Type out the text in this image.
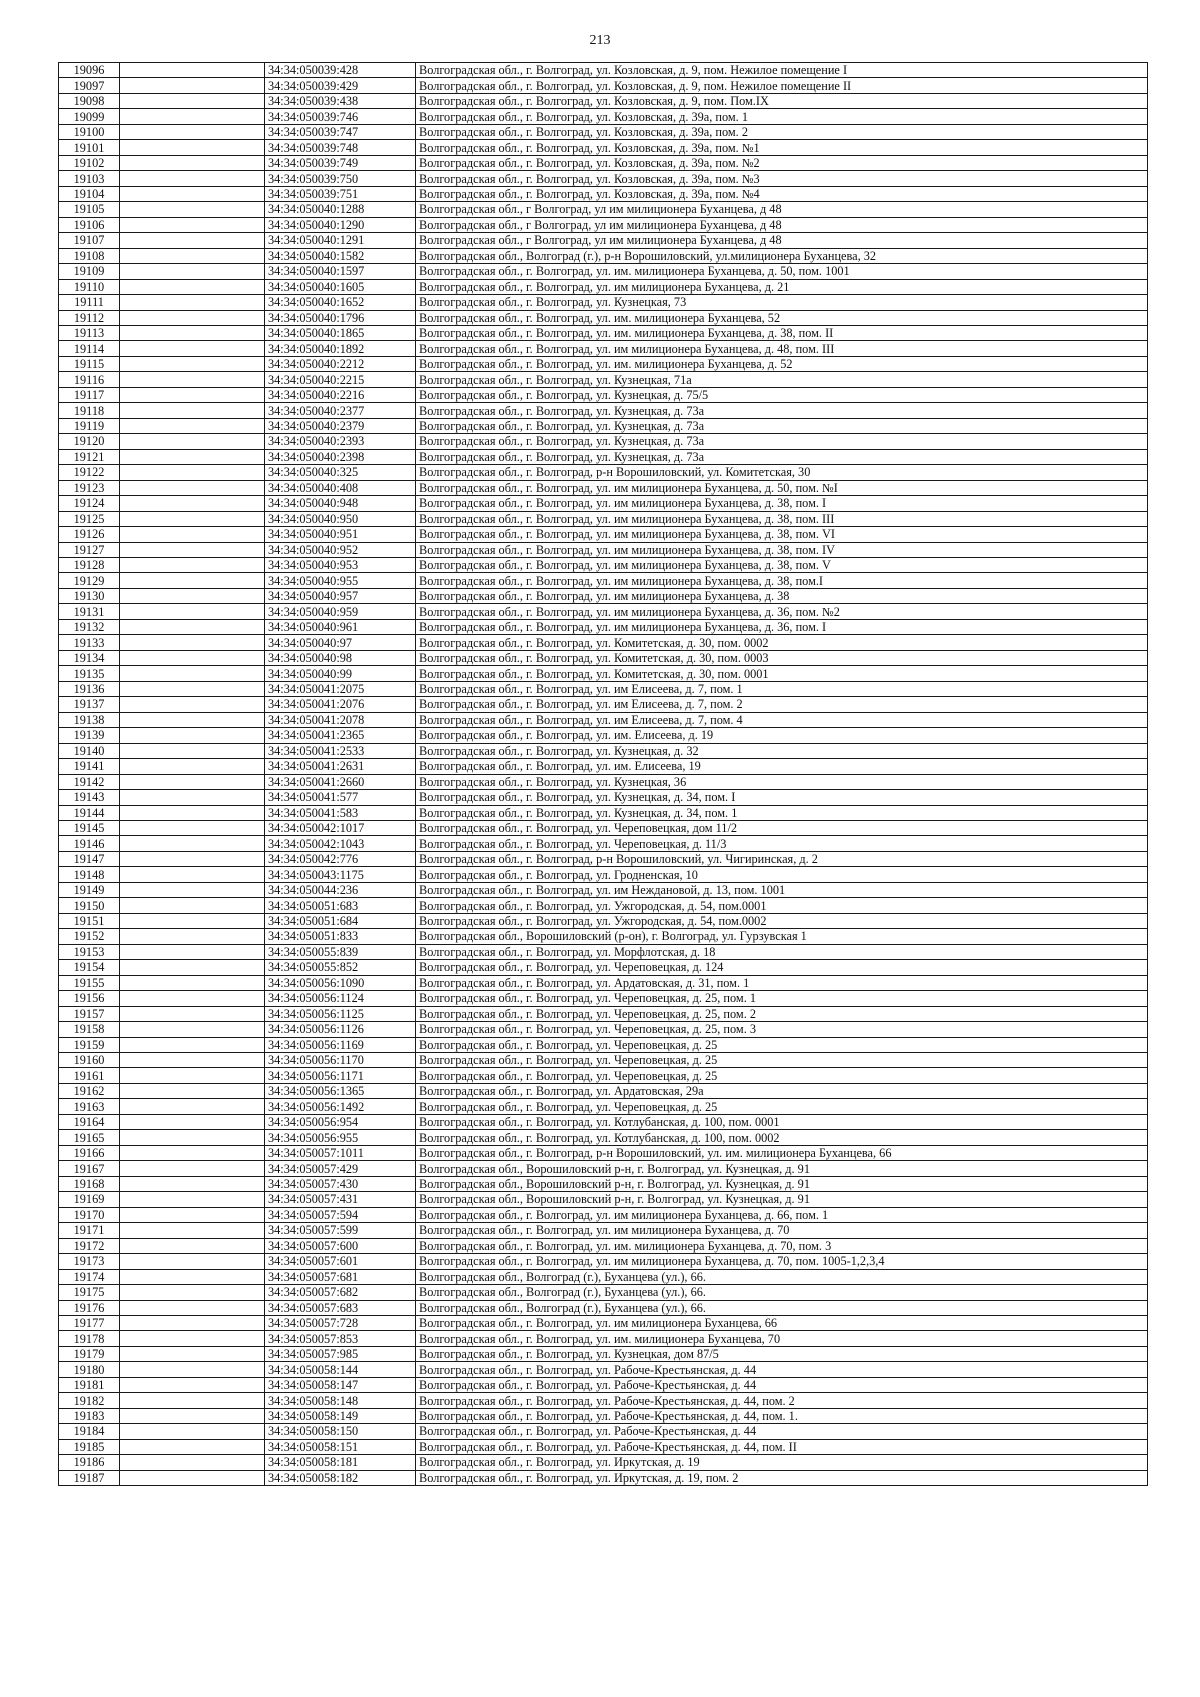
213
19096		34:34:050039:428	Волгоградская обл., г. Волгоград, ул. Козловская, д. 9, пом. Нежилое помещение I
19097		34:34:050039:429	Волгоградская обл., г. Волгоград, ул. Козловская, д. 9, пом. Нежилое помещение II
19098		34:34:050039:438	Волгоградская обл., г. Волгоград, ул. Козловская, д. 9, пом. Пом.IX
19099		34:34:050039:746	Волгоградская обл., г. Волгоград, ул. Козловская, д. 39а, пом. 1
19100		34:34:050039:747	Волгоградская обл., г. Волгоград, ул. Козловская, д. 39а, пом. 2
19101		34:34:050039:748	Волгоградская обл., г. Волгоград, ул. Козловская, д. 39а, пом. №1
19102		34:34:050039:749	Волгоградская обл., г. Волгоград, ул. Козловская, д. 39а, пом. №2
19103		34:34:050039:750	Волгоградская обл., г. Волгоград, ул. Козловская, д. 39а, пом. №3
19104		34:34:050039:751	Волгоградская обл., г. Волгоград, ул. Козловская, д. 39а, пом. №4
19105		34:34:050040:1288	Волгоградская обл., г Волгоград, ул им милиционера Буханцева, д 48
19106		34:34:050040:1290	Волгоградская обл., г Волгоград, ул им милиционера Буханцева, д 48
19107		34:34:050040:1291	Волгоградская обл., г Волгоград, ул им милиционера Буханцева, д 48
19108		34:34:050040:1582	Волгоградская обл., Волгоград (г.), р-н Ворошиловский, ул.милиционера Буханцева, 32
19109		34:34:050040:1597	Волгоградская обл., г. Волгоград, ул. им. милиционера Буханцева, д. 50, пом. 1001
19110		34:34:050040:1605	Волгоградская обл., г. Волгоград, ул. им милиционера Буханцева, д. 21
19111		34:34:050040:1652	Волгоградская обл., г. Волгоград, ул. Кузнецкая, 73
19112		34:34:050040:1796	Волгоградская обл., г. Волгоград, ул. им. милиционера Буханцева, 52
19113		34:34:050040:1865	Волгоградская обл., г. Волгоград, ул. им. милиционера Буханцева, д. 38, пом. II
19114		34:34:050040:1892	Волгоградская обл., г. Волгоград, ул. им милиционера Буханцева, д. 48, пом. III
19115		34:34:050040:2212	Волгоградская обл., г. Волгоград, ул. им. милиционера Буханцева, д. 52
19116		34:34:050040:2215	Волгоградская обл., г. Волгоград, ул. Кузнецкая, 71а
19117		34:34:050040:2216	Волгоградская обл., г. Волгоград, ул. Кузнецкая, д. 75/5
19118		34:34:050040:2377	Волгоградская обл., г. Волгоград, ул. Кузнецкая, д. 73а
19119		34:34:050040:2379	Волгоградская обл., г. Волгоград, ул. Кузнецкая, д. 73а
19120		34:34:050040:2393	Волгоградская обл., г. Волгоград, ул. Кузнецкая, д. 73а
19121		34:34:050040:2398	Волгоградская обл., г. Волгоград, ул. Кузнецкая, д. 73а
19122		34:34:050040:325	Волгоградская обл., г. Волгоград, р-н Ворошиловский, ул. Комитетская, 30
19123		34:34:050040:408	Волгоградская обл., г. Волгоград, ул. им милиционера Буханцева, д. 50, пом. №I
19124		34:34:050040:948	Волгоградская обл., г. Волгоград, ул. им милиционера Буханцева, д. 38, пом. I
19125		34:34:050040:950	Волгоградская обл., г. Волгоград, ул. им милиционера Буханцева, д. 38, пом. III
19126		34:34:050040:951	Волгоградская обл., г. Волгоград, ул. им милиционера Буханцева, д. 38, пом. VI
19127		34:34:050040:952	Волгоградская обл., г. Волгоград, ул. им милиционера Буханцева, д. 38, пом. IV
19128		34:34:050040:953	Волгоградская обл., г. Волгоград, ул. им милиционера Буханцева, д. 38, пом. V
19129		34:34:050040:955	Волгоградская обл., г. Волгоград, ул. им милиционера Буханцева, д. 38, пом.I
19130		34:34:050040:957	Волгоградская обл., г. Волгоград, ул. им милиционера Буханцева, д. 38
19131		34:34:050040:959	Волгоградская обл., г. Волгоград, ул. им милиционера Буханцева, д. 36, пом. №2
19132		34:34:050040:961	Волгоградская обл., г. Волгоград, ул. им милиционера Буханцева, д. 36, пом. I
19133		34:34:050040:97	Волгоградская обл., г. Волгоград, ул. Комитетская, д. 30, пом. 0002
19134		34:34:050040:98	Волгоградская обл., г. Волгоград, ул. Комитетская, д. 30, пом. 0003
19135		34:34:050040:99	Волгоградская обл., г. Волгоград, ул. Комитетская, д. 30, пом. 0001
19136		34:34:050041:2075	Волгоградская обл., г. Волгоград, ул. им Елисеева, д. 7, пом. 1
19137		34:34:050041:2076	Волгоградская обл., г. Волгоград, ул. им Елисеева, д. 7, пом. 2
19138		34:34:050041:2078	Волгоградская обл., г. Волгоград, ул. им Елисеева, д. 7, пом. 4
19139		34:34:050041:2365	Волгоградская обл., г. Волгоград, ул. им. Елисеева, д. 19
19140		34:34:050041:2533	Волгоградская обл., г. Волгоград, ул. Кузнецкая, д. 32
19141		34:34:050041:2631	Волгоградская обл., г. Волгоград, ул. им. Елисеева, 19
19142		34:34:050041:2660	Волгоградская обл., г. Волгоград, ул. Кузнецкая, 36
19143		34:34:050041:577	Волгоградская обл., г. Волгоград, ул. Кузнецкая, д. 34, пом. I
19144		34:34:050041:583	Волгоградская обл., г. Волгоград, ул. Кузнецкая, д. 34, пом. 1
19145		34:34:050042:1017	Волгоградская обл., г. Волгоград, ул. Череповецкая, дом 11/2
19146		34:34:050042:1043	Волгоградская обл., г. Волгоград, ул. Череповецкая, д. 11/3
19147		34:34:050042:776	Волгоградская обл., г. Волгоград, р-н Ворошиловский, ул. Чигиринская, д. 2
19148		34:34:050043:1175	Волгоградская обл., г. Волгоград, ул. Гродненская, 10
19149		34:34:050044:236	Волгоградская обл., г. Волгоград, ул. им Неждановой, д. 13, пом. 1001
19150		34:34:050051:683	Волгоградская обл., г. Волгоград, ул. Ужгородская, д. 54, пом.0001
19151		34:34:050051:684	Волгоградская обл., г. Волгоград, ул. Ужгородская, д. 54, пом.0002
19152		34:34:050051:833	Волгоградская обл., Ворошиловский (р-он), г. Волгоград, ул. Гурзувская 1
19153		34:34:050055:839	Волгоградская обл., г. Волгоград, ул. Морфлотская, д. 18
19154		34:34:050055:852	Волгоградская обл., г. Волгоград, ул. Череповецкая, д. 124
19155		34:34:050056:1090	Волгоградская обл., г. Волгоград, ул. Ардатовская, д. 31, пом. 1
19156		34:34:050056:1124	Волгоградская обл., г. Волгоград, ул. Череповецкая, д. 25, пом. 1
19157		34:34:050056:1125	Волгоградская обл., г. Волгоград, ул. Череповецкая, д. 25, пом. 2
19158		34:34:050056:1126	Волгоградская обл., г. Волгоград, ул. Череповецкая, д. 25, пом. 3
19159		34:34:050056:1169	Волгоградская обл., г. Волгоград, ул. Череповецкая, д. 25
19160		34:34:050056:1170	Волгоградская обл., г. Волгоград, ул. Череповецкая, д. 25
19161		34:34:050056:1171	Волгоградская обл., г. Волгоград, ул. Череповецкая, д. 25
19162		34:34:050056:1365	Волгоградская обл., г. Волгоград, ул. Ардатовская, 29а
19163		34:34:050056:1492	Волгоградская обл., г. Волгоград, ул. Череповецкая, д. 25
19164		34:34:050056:954	Волгоградская обл., г. Волгоград, ул. Котлубанская, д. 100, пом. 0001
19165		34:34:050056:955	Волгоградская обл., г. Волгоград, ул. Котлубанская, д. 100, пом. 0002
19166		34:34:050057:1011	Волгоградская обл., г. Волгоград, р-н Ворошиловский, ул. им. милиционера Буханцева, 66
19167		34:34:050057:429	Волгоградская обл., Ворошиловский р-н, г. Волгоград, ул. Кузнецкая, д. 91
19168		34:34:050057:430	Волгоградская обл., Ворошиловский р-н, г. Волгоград, ул. Кузнецкая, д. 91
19169		34:34:050057:431	Волгоградская обл., Ворошиловский р-н, г. Волгоград, ул. Кузнецкая, д. 91
19170		34:34:050057:594	Волгоградская обл., г. Волгоград, ул. им милиционера Буханцева, д. 66, пом. 1
19171		34:34:050057:599	Волгоградская обл., г. Волгоград, ул. им милиционера Буханцева, д. 70
19172		34:34:050057:600	Волгоградская обл., г. Волгоград, ул. им. милиционера Буханцева, д. 70, пом. 3
19173		34:34:050057:601	Волгоградская обл., г. Волгоград, ул. им милиционера Буханцева, д. 70, пом. 1005-1,2,3,4
19174		34:34:050057:681	Волгоградская обл., Волгоград (г.), Буханцева (ул.), 66.
19175		34:34:050057:682	Волгоградская обл., Волгоград (г.), Буханцева (ул.), 66.
19176		34:34:050057:683	Волгоградская обл., Волгоград (г.), Буханцева (ул.), 66.
19177		34:34:050057:728	Волгоградская обл., г. Волгоград, ул. им милиционера Буханцева, 66
19178		34:34:050057:853	Волгоградская обл., г. Волгоград, ул. им. милиционера Буханцева, 70
19179		34:34:050057:985	Волгоградская обл., г. Волгоград, ул. Кузнецкая, дом 87/5
19180		34:34:050058:144	Волгоградская обл., г. Волгоград, ул. Рабоче-Крестьянская, д. 44
19181		34:34:050058:147	Волгоградская обл., г. Волгоград, ул. Рабоче-Крестьянская, д. 44
19182		34:34:050058:148	Волгоградская обл., г. Волгоград, ул. Рабоче-Крестьянская, д. 44, пом. 2
19183		34:34:050058:149	Волгоградская обл., г. Волгоград, ул. Рабоче-Крестьянская, д. 44, пом. 1.
19184		34:34:050058:150	Волгоградская обл., г. Волгоград, ул. Рабоче-Крестьянская, д. 44
19185		34:34:050058:151	Волгоградская обл., г. Волгоград, ул. Рабоче-Крестьянская, д. 44, пом. II
19186		34:34:050058:181	Волгоградская обл., г. Волгоград, ул. Иркутская, д. 19
19187		34:34:050058:182	Волгоградская обл., г. Волгоград, ул. Иркутская, д. 19, пом. 2
